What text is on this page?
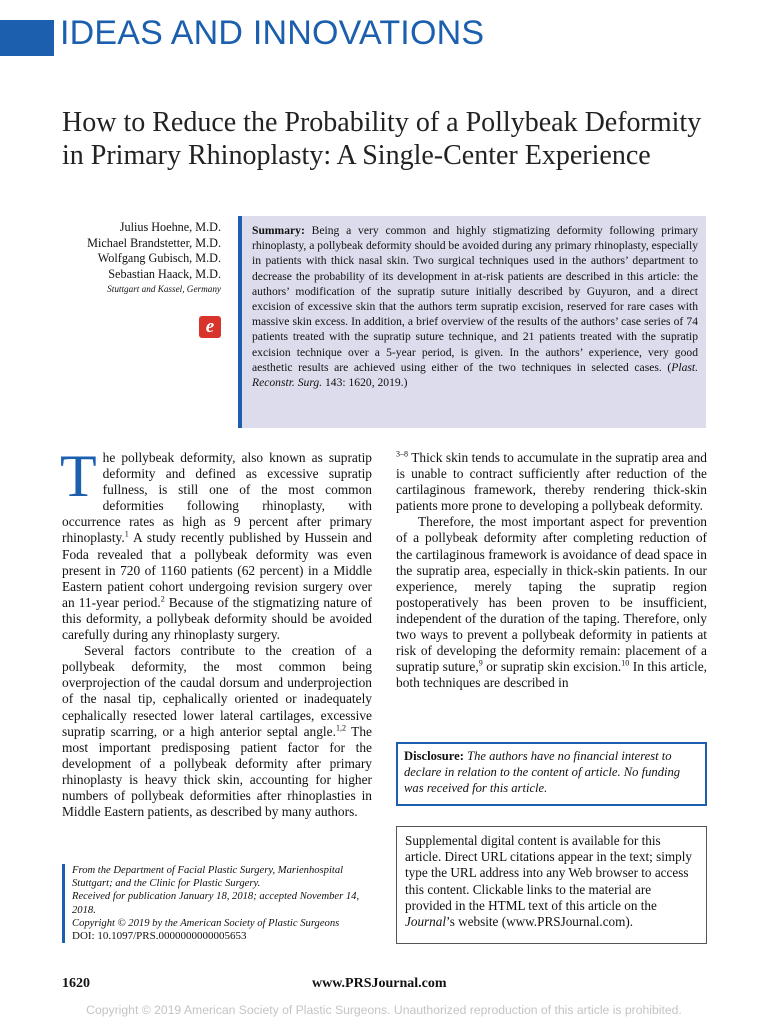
IDEAS AND INNOVATIONS
How to Reduce the Probability of a Pollybeak Deformity in Primary Rhinoplasty: A Single-Center Experience
Julius Hoehne, M.D.
Michael Brandstetter, M.D.
Wolfgang Gubisch, M.D.
Sebastian Haack, M.D.
Stuttgart and Kassel, Germany
e
Summary: Being a very common and highly stigmatizing deformity following primary rhinoplasty, a pollybeak deformity should be avoided during any primary rhinoplasty, especially in patients with thick nasal skin. Two surgical techniques used in the authors’ department to decrease the probability of its development in at-risk patients are described in this article: the authors’ modification of the supratip suture initially described by Guyuron, and a direct excision of excessive skin that the authors term supratip excision, reserved for rare cases with massive skin excess. In addition, a brief overview of the results of the authors’ case series of 74 patients treated with the supratip suture technique, and 21 patients treated with the supratip excision technique over a 5-year period, is given. In the authors’ experience, very good aesthetic results are achieved using either of the two techniques in selected cases. (Plast. Reconstr. Surg. 143: 1620, 2019.)

The pollybeak deformity, also known as supratip deformity and defined as excessive supratip fullness, is still one of the most common deformities following rhinoplasty, with occurrence rates as high as 9 percent after primary rhinoplasty.$^1$ A study recently published by Hussein and Foda revealed that a pollybeak deformity was even present in 720 of 1160 patients (62 percent) in a Middle Eastern patient cohort undergoing revision surgery over an 11-year period.$^2$ Because of the stigmatizing nature of this deformity, a pollybeak deformity should be avoided carefully during any rhinoplasty surgery.

Several factors contribute to the creation of a pollybeak deformity, the most common being overprojection of the caudal dorsum and underprojection of the nasal tip, cephalically oriented or inadequately cephalically resected lower lateral cartilages, excessive supratip scarring, or a high anterior septal angle.$^{1,2}$ The most important predisposing patient factor for the development of a pollybeak deformity after primary rhinoplasty is heavy thick skin, accounting for higher numbers of pollybeak deformities after rhinoplasties in Middle Eastern patients, as described by many authors.

$^{3-8}$ Thick skin tends to accumulate in the supratip area and is unable to contract sufficiently after reduction of the cartilaginous framework, thereby rendering thick-skin patients more prone to developing a pollybeak deformity.

Therefore, the most important aspect for prevention of a pollybeak deformity after completing reduction of the cartilaginous framework is avoidance of dead space in the supratip area, especially in thick-skin patients. In our experience, merely taping the supratip region postoperatively has been proven to be insufficient, independent of the duration of the taping. Therefore, only two ways to prevent a pollybeak deformity in patients at risk of developing the deformity remain: placement of a supratip suture,$^9$ or supratip skin excision.$^{10}$ In this article, both techniques are described in

From the Department of Facial Plastic Surgery, Marienhospital Stuttgart; and the Clinic for Plastic Surgery.
Received for publication January 18, 2018; accepted November 14, 2018.
Copyright © 2019 by the American Society of Plastic Surgeons
DOI: 10.1097/PRS.0000000000005653
Disclosure: The authors have no financial interest to declare in relation to the content of article. No funding was received for this article.
Supplemental digital content is available for this article. Direct URL citations appear in the text; simply type the URL address into any Web browser to access this content. Clickable links to the material are provided in the HTML text of this article on the Journal’s website (www.PRSJournal.com).
1620	www.PRSJournal.com
Copyright © 2019 American Society of Plastic Surgeons. Unauthorized reproduction of this article is prohibited.
